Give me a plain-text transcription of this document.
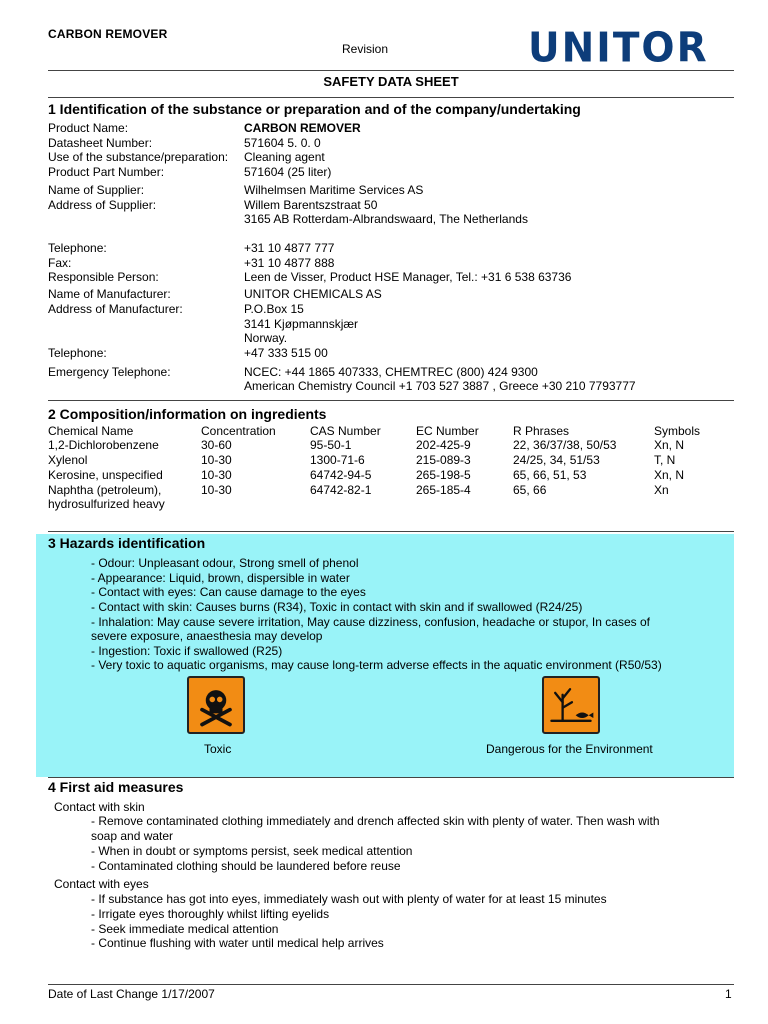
CARBON REMOVER
Revision	UNITOR
SAFETY DATA SHEET
1 Identification of the substance or preparation and of the company/undertaking
Product Name:	CARBON REMOVER
Datasheet Number:	571604 5. 0. 0
Use of the substance/preparation: Cleaning agent
Product Part Number:	571604 (25 liter)
Name of Supplier:	Wilhelmsen Maritime Services AS
Address of Supplier:	Willem Barentszstraat 50
3165 AB Rotterdam-Albrandswaard, The Netherlands
Telephone:	+31 10 4877 777
Fax:	+31 10 4877 888
Responsible Person:	Leen de Visser, Product HSE Manager, Tel.: +31 6 538 63736
Name of Manufacturer:	UNITOR CHEMICALS AS
Address of Manufacturer:	P.O.Box 15
3141 Kjøpmannskjær
Norway.
Telephone:	+47 333 515 00
Emergency Telephone:	NCEC: +44 1865 407333, CHEMTREC (800) 424 9300
American Chemistry Council +1 703 527 3887 , Greece +30 210 7793777
2 Composition/information on ingredients
Chemical Name	Concentration	CAS Number	EC Number	R Phrases	Symbols
1,2-Dichlorobenzene	30-60	95-50-1	202-425-9	22, 36/37/38, 50/53	Xn, N
Xylenol	10-30	1300-71-6	215-089-3	24/25, 34, 51/53	T, N
Kerosine, unspecified	10-30	64742-94-5	265-198-5	65, 66, 51, 53	Xn, N
Naphtha (petroleum),	10-30	64742-82-1	265-185-4	65, 66	Xn
hydrosulfurized heavy
3 Hazards identification
- Odour: Unpleasant odour, Strong smell of phenol
- Appearance: Liquid, brown, dispersible in water
- Contact with eyes: Can cause damage to the eyes
- Contact with skin: Causes burns (R34), Toxic in contact with skin and if swallowed (R24/25)
- Inhalation: May cause severe irritation, May cause dizziness, confusion, headache or stupor, In cases of
severe exposure, anaesthesia may develop
- Ingestion: Toxic if swallowed (R25)
- Very toxic to aquatic organisms, may cause long-term adverse effects in the aquatic environment (R50/53)
Toxic	Dangerous for the Environment
4 First aid measures
Contact with skin
- Remove contaminated clothing immediately and drench affected skin with plenty of water. Then wash with
soap and water
- When in doubt or symptoms persist, seek medical attention
- Contaminated clothing should be laundered before reuse
Contact with eyes
- If substance has got into eyes, immediately wash out with plenty of water for at least 15 minutes
- Irrigate eyes thoroughly whilst lifting eyelids
- Seek immediate medical attention
- Continue flushing with water until medical help arrives
Date of Last Change 1/17/2007	1
